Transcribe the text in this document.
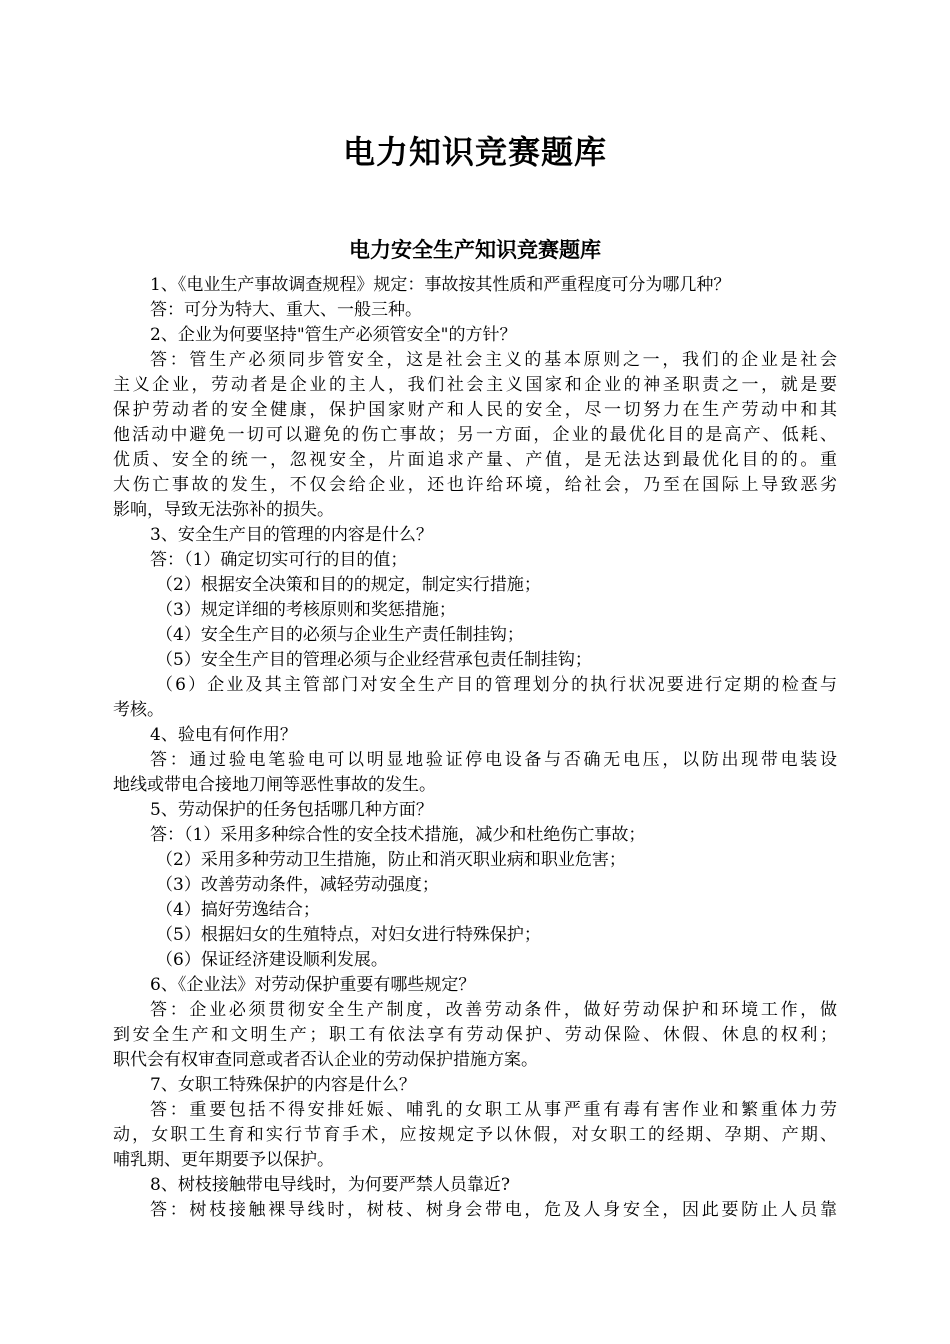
电力知识竞赛题库
电力安全生产知识竞赛题库

1、《电业生产事故调查规程》规定：事故按其性质和严重程度可分为哪几种？

答：可分为特大、重大、一般三种。

2、企业为何要坚持"管生产必须管安全"的方针？

答：管生产必须同步管安全，这是社会主义的基本原则之一，我们的企业是社会

主义企业，劳动者是企业的主人，我们社会主义国家和企业的神圣职责之一，就是要

保护劳动者的安全健康，保护国家财产和人民的安全，尽一切努力在生产劳动中和其

他活动中避免一切可以避免的伤亡事故；另一方面，企业的最优化目的是高产、低耗、

优质、安全的统一，忽视安全，片面追求产量、产值，是无法达到最优化目的的。重

大伤亡事故的发生，不仅会给企业，还也许给环境，给社会，乃至在国际上导致恶劣

影响，导致无法弥补的损失。

3、安全生产目的管理的内容是什么？

答：（1）确定切实可行的目的值；

（2）根据安全决策和目的的规定，制定实行措施；

（3）规定详细的考核原则和奖惩措施；

（4）安全生产目的必须与企业生产责任制挂钩；

（5）安全生产目的管理必须与企业经营承包责任制挂钩；

（6）企业及其主管部门对安全生产目的管理划分的执行状况要进行定期的检查与

考核。

4、验电有何作用？

答：通过验电笔验电可以明显地验证停电设备与否确无电压，以防出现带电装设

地线或带电合接地刀闸等恶性事故的发生。

5、劳动保护的任务包括哪几种方面？

答：（1）采用多种综合性的安全技术措施，减少和杜绝伤亡事故；

（2）采用多种劳动卫生措施，防止和消灭职业病和职业危害；

（3）改善劳动条件，减轻劳动强度；

（4）搞好劳逸结合；

（5）根据妇女的生殖特点，对妇女进行特殊保护；

（6）保证经济建设顺利发展。

6、《企业法》对劳动保护重要有哪些规定？

答：企业必须贯彻安全生产制度，改善劳动条件，做好劳动保护和环境工作，做

到安全生产和文明生产；职工有依法享有劳动保护、劳动保险、休假、休息的权利；

职代会有权审查同意或者否认企业的劳动保护措施方案。

7、女职工特殊保护的内容是什么？

答：重要包括不得安排妊娠、哺乳的女职工从事严重有毒有害作业和繁重体力劳

动，女职工生育和实行节育手术，应按规定予以休假，对女职工的经期、孕期、产期、

哺乳期、更年期要予以保护。

8、树枝接触带电导线时，为何要严禁人员靠近?

答：树枝接触裸导线时，树枝、树身会带电，危及人身安全，因此要防止人员靠
